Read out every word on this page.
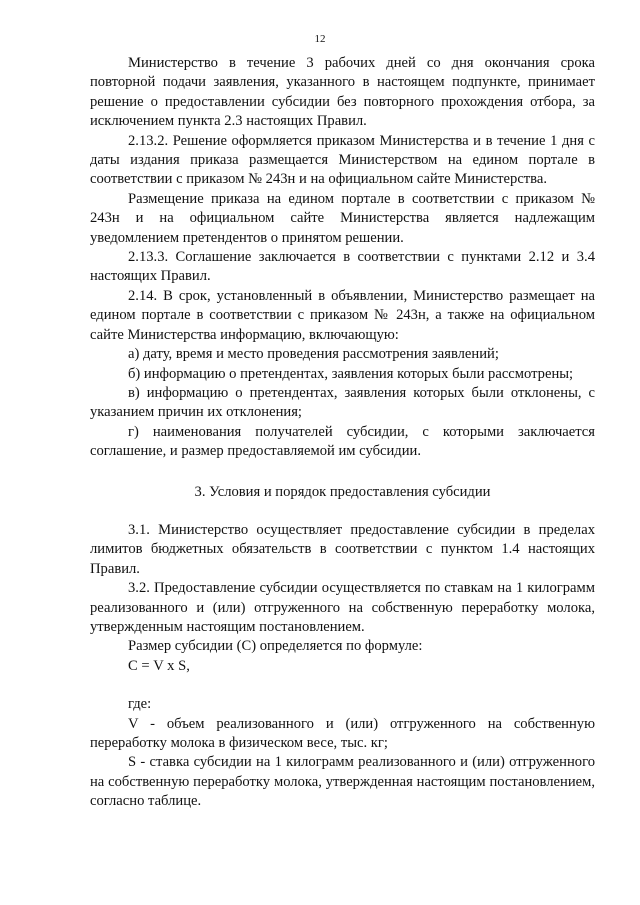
12

Министерство в течение 3 рабочих дней со дня окончания срока повторной подачи заявления, указанного в настоящем подпункте, принимает решение о предоставлении субсидии без повторного прохождения отбора, за исключением пункта 2.3 настоящих Правил.

2.13.2. Решение оформляется приказом Министерства и в течение 1 дня с даты издания приказа размещается Министерством на едином портале в соответствии с приказом № 243н и на официальном сайте Министерства.

Размещение приказа на едином портале в соответствии с приказом № 243н и на официальном сайте Министерства является надлежащим уведомлением претендентов о принятом решении.

2.13.3. Соглашение заключается в соответствии с пунктами 2.12 и 3.4 настоящих Правил.

2.14. В срок, установленный в объявлении, Министерство размещает на едином портале в соответствии с приказом № 243н, а также на официальном сайте Министерства информацию, включающую:

а) дату, время и место проведения рассмотрения заявлений;

б) информацию о претендентах, заявления которых были рассмотрены;

в) информацию о претендентах, заявления которых были отклонены, с указанием причин их отклонения;

г) наименования получателей субсидии, с которыми заключается соглашение, и размер предоставляемой им субсидии.

3. Условия и порядок предоставления субсидии

3.1. Министерство осуществляет предоставление субсидии в пределах лимитов бюджетных обязательств в соответствии с пунктом 1.4 настоящих Правил.

3.2. Предоставление субсидии осуществляется по ставкам на 1 килограмм реализованного и (или) отгруженного на собственную переработку молока, утвержденным настоящим постановлением.

Размер субсидии (С) определяется по формуле:

С = V x S,

где:

V - объем реализованного и (или) отгруженного на собственную переработку молока в физическом весе, тыс. кг;

S - ставка субсидии на 1 килограмм реализованного и (или) отгруженного на собственную переработку молока, утвержденная настоящим постановлением, согласно таблице.
